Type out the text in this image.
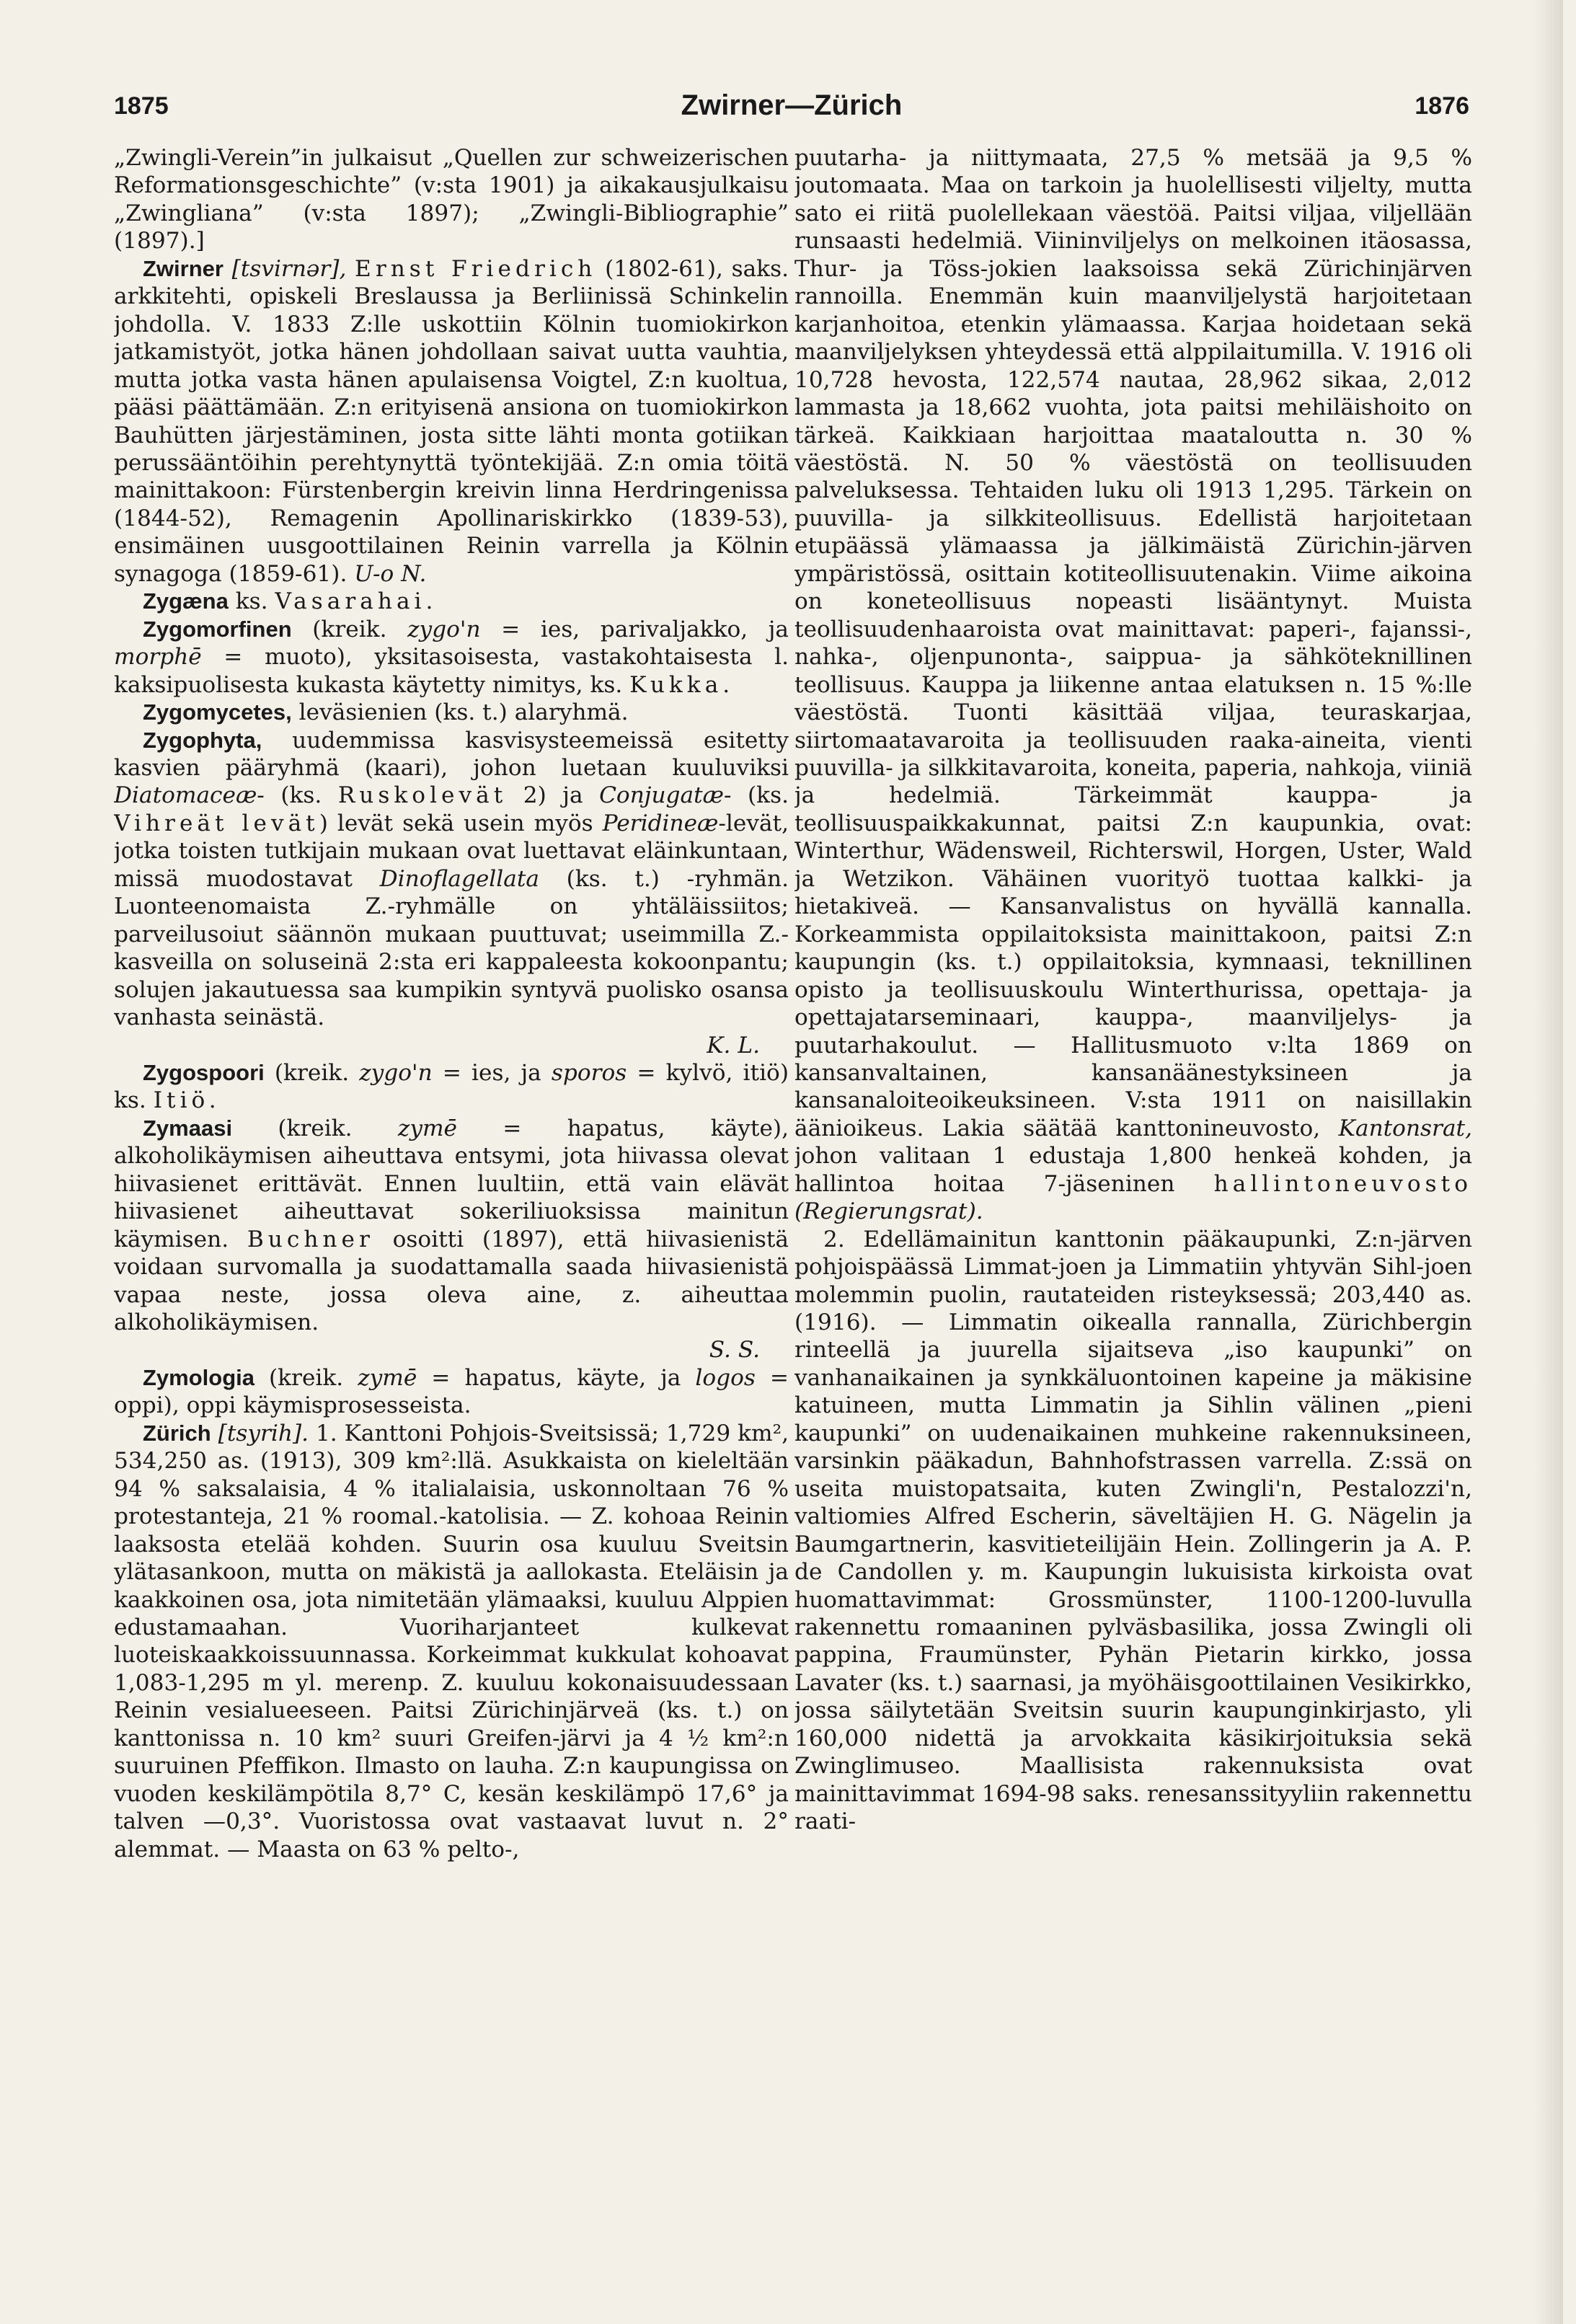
1875	Zwirner—Zürich	1876

„Zwingli-Verein”in julkaisut „Quellen zur schweizerischen Reformationsgeschichte” (v:sta 1901) ja aikakausjulkaisu „Zwingliana” (v:sta 1897); „Zwingli-Bibliographie” (1897).]

Zwirner [tsvirnər], Ernst Friedrich (1802-61), saks. arkkitehti, opiskeli Breslaussa ja Berliinissä Schinkelin johdolla. V. 1833 Z:lle uskottiin Kölnin tuomiokirkon jatkamistyöt, jotka hänen johdollaan saivat uutta vauhtia, mutta jotka vasta hänen apulaisensa Voigtel, Z:n kuoltua, pääsi päättämään. Z:n erityisenä ansiona on tuomiokirkon Bauhütten järjestäminen, josta sitte lähti monta gotiikan perussääntöihin perehtynyttä työntekijää. Z:n omia töitä mainittakoon: Fürstenbergin kreivin linna Herdringenissa (1844-52), Remagenin Apollinariskirkko (1839-53), ensimäinen uusgoottilainen Reinin varrella ja Kölnin synagoga (1859-61). U-o N.

Zygæna ks. Vasarahai.

Zygomorfinen (kreik. zygo'n = ies, parivaljakko, ja morphē = muoto), yksitasoisesta, vastakohtaisesta l. kaksipuolisesta kukasta käytetty nimitys, ks. Kukka.

Zygomycetes, leväsienien (ks. t.) alaryhmä.

Zygophyta, uudemmissa kasvisysteemeissä esitetty kasvien pääryhmä (kaari), johon luetaan kuuluviksi Diatomaceæ- (ks. Ruskolevät 2) ja Conjugatæ- (ks. Vihreät levät) levät sekä usein myös Peridineæ-levät, jotka toisten tutkijain mukaan ovat luettavat eläinkuntaan, missä muodostavat Dinoflagellata (ks. t.) -ryhmän. Luonteenomaista Z.-ryhmälle on yhtäläissiitos; parveilusoiut säännön mukaan puuttuvat; useimmilla Z.-kasveilla on soluseinä 2:sta eri kappaleesta kokoonpantu; solujen jakautuessa saa kumpikin syntyvä puolisko osansa vanhasta seinästä.
K. L.

Zygospoori (kreik. zygo'n = ies, ja sporos = kylvö, itiö) ks. Itiö.

Zymaasi (kreik. zymē = hapatus, käyte), alkoholikäymisen aiheuttava entsymi, jota hiivassa olevat hiivasienet erittävät. Ennen luultiin, että vain elävät hiivasienet aiheuttavat sokeriliuoksissa mainitun käymisen. Buchner osoitti (1897), että hiivasienistä voidaan survomalla ja suodattamalla saada hiivasienistä vapaa neste, jossa oleva aine, z. aiheuttaa alkoholikäymisen.
S. S.

Zymologia (kreik. zymē = hapatus, käyte, ja logos = oppi), oppi käymisprosesseista.

Zürich [tsyrih]. 1. Kanttoni Pohjois-Sveitsissä; 1,729 km², 534,250 as. (1913), 309 km²:llä. Asukkaista on kieleltään 94 % saksalaisia, 4 % italialaisia, uskonnoltaan 76 % protestanteja, 21 % roomal.-katolisia. — Z. kohoaa Reinin laaksosta etelää kohden. Suurin osa kuuluu Sveitsin ylätasankoon, mutta on mäkistä ja aallokasta. Eteläisin ja kaakkoinen osa, jota nimitetään ylämaaksi, kuuluu Alppien edustamaahan. Vuoriharjanteet kulkevat luoteiskaakkoissuunnassa. Korkeimmat kukkulat kohoavat 1,083-1,295 m yl. merenp. Z. kuuluu kokonaisuudessaan Reinin vesialueeseen. Paitsi Zürichinjärveä (ks. t.) on kanttonissa n. 10 km² suuri Greifen-järvi ja 4 ½ km²:n suuruinen Pfeffikon. Ilmasto on lauha. Z:n kaupungissa on vuoden keskilämpötila 8,7° C, kesän keskilämpö 17,6° ja talven —0,3°. Vuoristossa ovat vastaavat luvut n. 2° alemmat. — Maasta on 63 % pelto-,

puutarha- ja niittymaata, 27,5 % metsää ja 9,5 % joutomaata. Maa on tarkoin ja huolellisesti viljelty, mutta sato ei riitä puolellekaan väestöä. Paitsi viljaa, viljellään runsaasti hedelmiä. Viininviljelys on melkoinen itäosassa, Thur- ja Töss-jokien laaksoissa sekä Zürichinjärven rannoilla. Enemmän kuin maanviljelystä harjoitetaan karjanhoitoa, etenkin ylämaassa. Karjaa hoidetaan sekä maanviljelyksen yhteydessä että alppilaitumilla. V. 1916 oli 10,728 hevosta, 122,574 nautaa, 28,962 sikaa, 2,012 lammasta ja 18,662 vuohta, jota paitsi mehiläishoito on tärkeä. Kaikkiaan harjoittaa maataloutta n. 30 % väestöstä. N. 50 % väestöstä on teollisuuden palveluksessa. Tehtaiden luku oli 1913 1,295. Tärkein on puuvilla- ja silkkiteollisuus. Edellistä harjoitetaan etupäässä ylämaassa ja jälkimäistä Zürichin-järven ympäristössä, osittain kotiteollisuutenakin. Viime aikoina on koneteollisuus nopeasti lisääntynyt. Muista teollisuudenhaaroista ovat mainittavat: paperi-, fajanssi-, nahka-, oljenpunonta-, saippua- ja sähköteknillinen teollisuus. Kauppa ja liikenne antaa elatuksen n. 15 %:lle väestöstä. Tuonti käsittää viljaa, teuraskarjaa, siirtomaatavaroita ja teollisuuden raaka-aineita, vienti puuvilla- ja silkkitavaroita, koneita, paperia, nahkoja, viiniä ja hedelmiä. Tärkeimmät kauppa- ja teollisuuspaikkakunnat, paitsi Z:n kaupunkia, ovat: Winterthur, Wädensweil, Richterswil, Horgen, Uster, Wald ja Wetzikon. Vähäinen vuorityö tuottaa kalkki- ja hietakiveä. — Kansanvalistus on hyvällä kannalla. Korkeammista oppilaitoksista mainittakoon, paitsi Z:n kaupungin (ks. t.) oppilaitoksia, kymnaasi, teknillinen opisto ja teollisuuskoulu Winterthurissa, opettaja- ja opettajatarseminaari, kauppa-, maanviljelys- ja puutarhakoulut. — Hallitusmuoto v:lta 1869 on kansanvaltainen, kansanäänestyksineen ja kansanaloiteoikeuksineen. V:sta 1911 on naisillakin äänioikeus. Lakia säätää kanttonineuvosto, Kantonsrat, johon valitaan 1 edustaja 1,800 henkeä kohden, ja hallintoa hoitaa 7-jäseninen hallintoneuvosto (Regierungsrat).

2. Edellämainitun kanttonin pääkaupunki, Z:n-järven pohjoispäässä Limmat-joen ja Limmatiin yhtyvän Sihl-joen molemmin puolin, rautateiden risteyksessä; 203,440 as. (1916). — Limmatin oikealla rannalla, Zürichbergin rinteellä ja juurella sijaitseva „iso kaupunki” on vanhanaikainen ja synkkäluontoinen kapeine ja mäkisine katuineen, mutta Limmatin ja Sihlin välinen „pieni kaupunki” on uudenaikainen muhkeine rakennuksineen, varsinkin pääkadun, Bahnhofstrassen varrella. Z:ssä on useita muistopatsaita, kuten Zwingli'n, Pestalozzi'n, valtiomies Alfred Escherin, säveltäjien H. G. Nägelin ja Baumgartnerin, kasvitieteilijäin Hein. Zollingerin ja A. P. de Candollen y. m. Kaupungin lukuisista kirkoista ovat huomattavimmat: Grossmünster, 1100-1200-luvulla rakennettu romaaninen pylväsbasilika, jossa Zwingli oli pappina, Fraumünster, Pyhän Pietarin kirkko, jossa Lavater (ks. t.) saarnasi, ja myöhäisgoottilainen Vesikirkko, jossa säilytetään Sveitsin suurin kaupunginkirjasto, yli 160,000 nidettä ja arvokkaita käsikirjoituksia sekä Zwinglimuseo. Maallisista rakennuksista ovat mainittavimmat 1694-98 saks. renesanssityyliin rakennettu raati-
